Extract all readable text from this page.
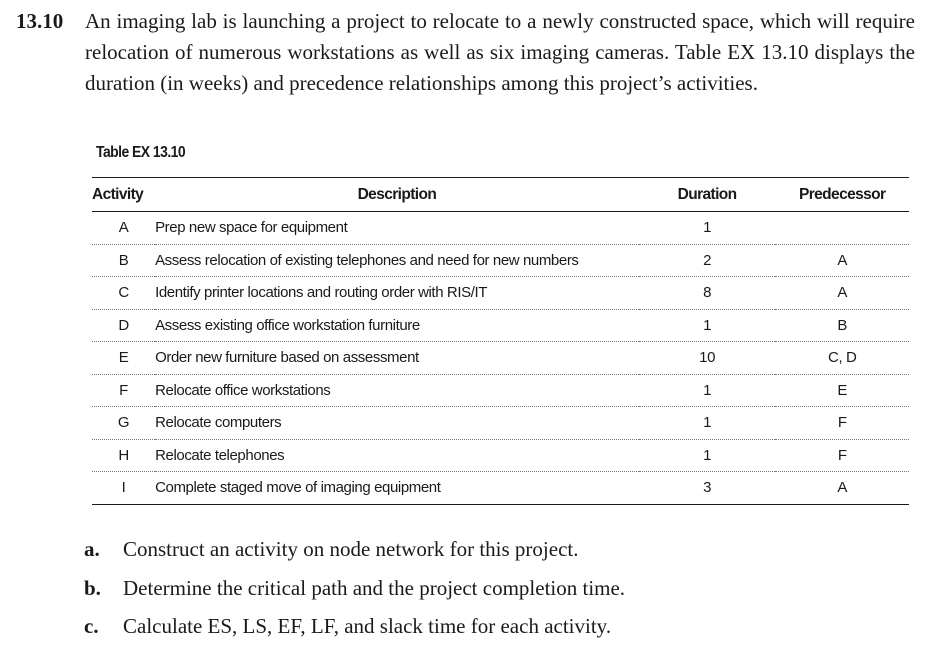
13.10 An imaging lab is launching a project to relocate to a newly constructed space, which will require relocation of numerous workstations as well as six imaging cameras. Table EX 13.10 displays the duration (in weeks) and precedence relationships among this project’s activities.
Table EX 13.10
Activity	Description	Duration	Predecessor
A	Prep new space for equipment	1	
B	Assess relocation of existing telephones and need for new numbers	2	A
C	Identify printer locations and routing order with RIS/IT	8	A
D	Assess existing office workstation furniture	1	B
E	Order new furniture based on assessment	10	C, D
F	Relocate office workstations	1	E
G	Relocate computers	1	F
H	Relocate telephones	1	F
I	Complete staged move of imaging equipment	3	A
a. Construct an activity on node network for this project.
b. Determine the critical path and the project completion time.
c. Calculate ES, LS, EF, LF, and slack time for each activity.
